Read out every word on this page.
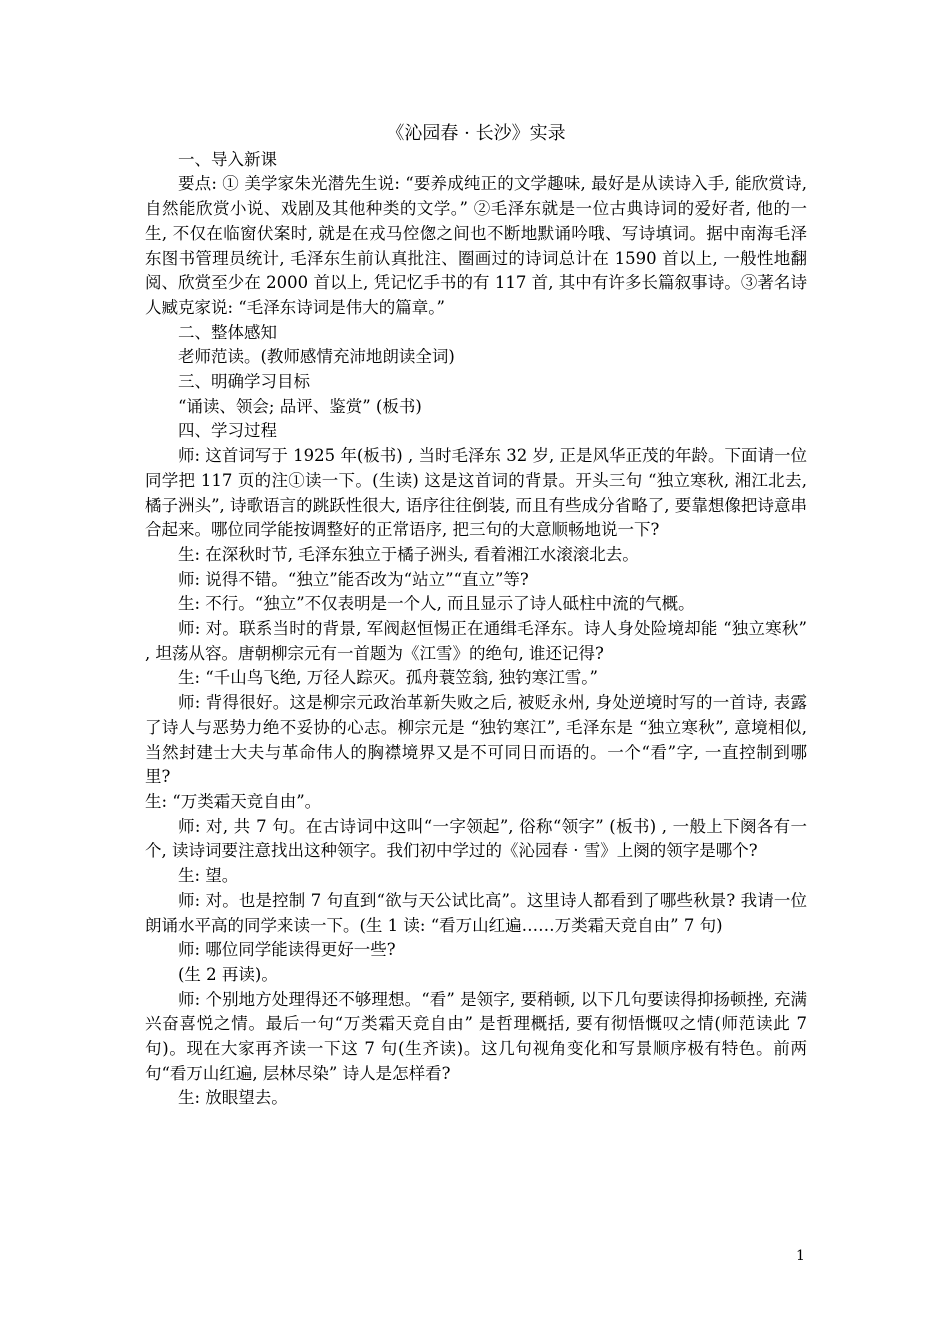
《沁园春 · 长沙》实录

一、导入新课

要点: ① 美学家朱光潜先生说: “要养成纯正的文学趣味, 最好是从读诗入手, 能欣赏诗, 自然能欣赏小说、戏剧及其他种类的文学。” ②毛泽东就是一位古典诗词的爱好者, 他的一生, 不仅在临窗伏案时, 就是在戎马倥偬之间也不断地默诵吟哦、写诗填词。据中南海毛泽东图书管理员统计, 毛泽东生前认真批注、圈画过的诗词总计在 1590 首以上, 一般性地翻阅、欣赏至少在 2000 首以上, 凭记忆手书的有 117 首, 其中有许多长篇叙事诗。③著名诗人臧克家说: “毛泽东诗词是伟大的篇章。”

二、整体感知

老师范读。(教师感情充沛地朗读全词)

三、明确学习目标

“诵读、领会; 品评、鉴赏” (板书)

四、学习过程

师: 这首词写于 1925 年(板书) , 当时毛泽东 32 岁, 正是风华正茂的年龄。下面请一位同学把 117 页的注①读一下。(生读) 这是这首词的背景。开头三句 “独立寒秋, 湘江北去, 橘子洲头”, 诗歌语言的跳跃性很大, 语序往往倒装, 而且有些成分省略了, 要靠想像把诗意串合起来。哪位同学能按调整好的正常语序, 把三句的大意顺畅地说一下?

生: 在深秋时节, 毛泽东独立于橘子洲头, 看着湘江水滚滚北去。

师: 说得不错。“独立”能否改为“站立”“直立”等?

生: 不行。“独立”不仅表明是一个人, 而且显示了诗人砥柱中流的气概。

师: 对。联系当时的背景, 军阀赵恒惕正在通缉毛泽东。诗人身处险境却能 “独立寒秋” , 坦荡从容。唐朝柳宗元有一首题为《江雪》的绝句, 谁还记得?

生: “千山鸟飞绝, 万径人踪灭。孤舟蓑笠翁, 独钓寒江雪。”

师: 背得很好。这是柳宗元政治革新失败之后, 被贬永州, 身处逆境时写的一首诗, 表露了诗人与恶势力绝不妥协的心志。柳宗元是 “独钓寒江”, 毛泽东是 “独立寒秋”, 意境相似, 当然封建士大夫与革命伟人的胸襟境界又是不可同日而语的。一个“看”字, 一直控制到哪里?

生: “万类霜天竞自由”。

师: 对, 共 7 句。在古诗词中这叫“一字领起”, 俗称“领字” (板书) , 一般上下阕各有一个, 读诗词要注意找出这种领字。我们初中学过的《沁园春 · 雪》上阕的领字是哪个?

生: 望。

师: 对。也是控制 7 句直到“欲与天公试比高”。这里诗人都看到了哪些秋景? 我请一位朗诵水平高的同学来读一下。(生 1 读: “看万山红遍……万类霜天竞自由” 7 句)

师: 哪位同学能读得更好一些?

(生 2 再读)。

师: 个别地方处理得还不够理想。“看” 是领字, 要稍顿, 以下几句要读得抑扬顿挫, 充满兴奋喜悦之情。最后一句“万类霜天竞自由” 是哲理概括, 要有彻悟慨叹之情(师范读此 7 句)。现在大家再齐读一下这 7 句(生齐读)。这几句视角变化和写景顺序极有特色。前两句“看万山红遍, 层林尽染” 诗人是怎样看?

生: 放眼望去。

1
